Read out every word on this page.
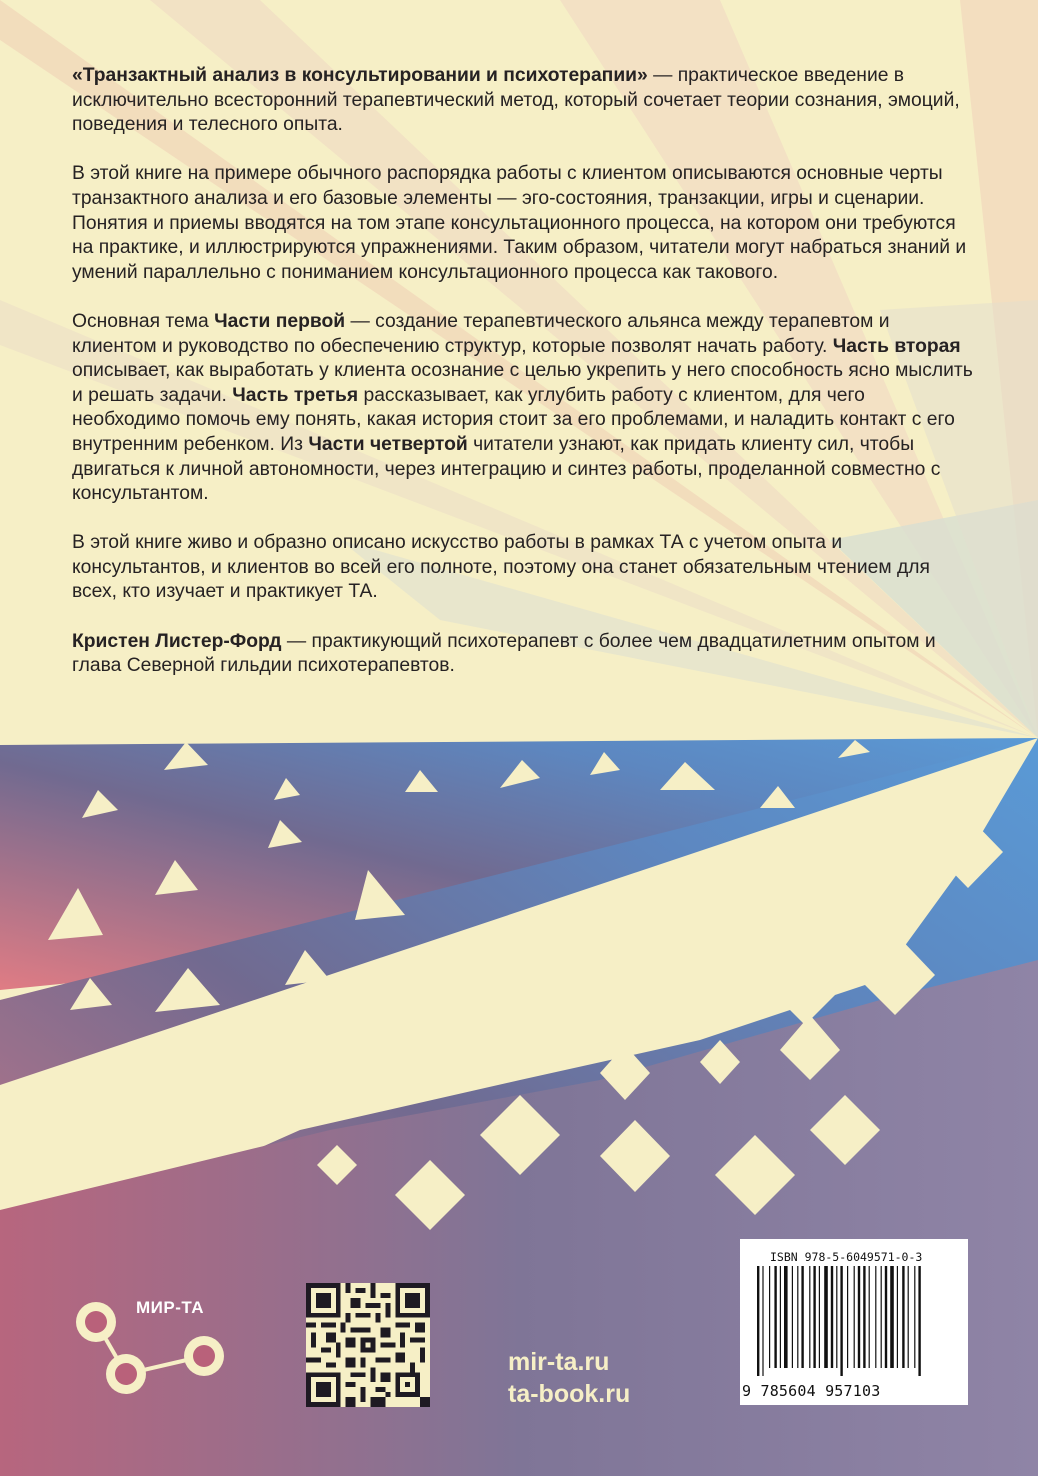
«Транзактный анализ в консультировании и психотерапии» — практическое введение в исключительно всесторонний терапевтический метод, который сочетает теории сознания, эмоций, поведения и телесного опыта.

В этой книге на примере обычного распорядка работы с клиентом описываются основные черты транзактного анализа и его базовые элементы — эго-состояния, транзакции, игры и сценарии. Понятия и приемы вводятся на том этапе консультационного процесса, на котором они требуются на практике, и иллюстрируются упражнениями. Таким образом, читатели могут набраться знаний и умений параллельно с пониманием консультационного процесса как такового.

Основная тема Части первой — создание терапевтического альянса между терапевтом и клиентом и руководство по обеспечению структур, которые позволят начать работу. Часть вторая описывает, как выработать у клиента осознание с целью укрепить у него способность ясно мыслить и решать задачи. Часть третья рассказывает, как углубить работу с клиентом, для чего необходимо помочь ему понять, какая история стоит за его проблемами, и наладить контакт с его внутренним ребенком. Из Части четвертой читатели узнают, как придать клиенту сил, чтобы двигаться к личной автономности, через интеграцию и синтез работы, проделанной совместно с консультантом.

В этой книге живо и образно описано искусство работы в рамках ТА с учетом опыта и консультантов, и клиентов во всей его полноте, поэтому она станет обязательным чтением для всех, кто изучает и практикует ТА.

Кристен Листер-Форд — практикующий психотерапевт с более чем двадцатилетним опытом и глава Северной гильдии психотерапевтов.

МИР-ТА
mir-ta.ru
ta-book.ru
ISBN 978-5-6049571-0-3
9 785604 957103
